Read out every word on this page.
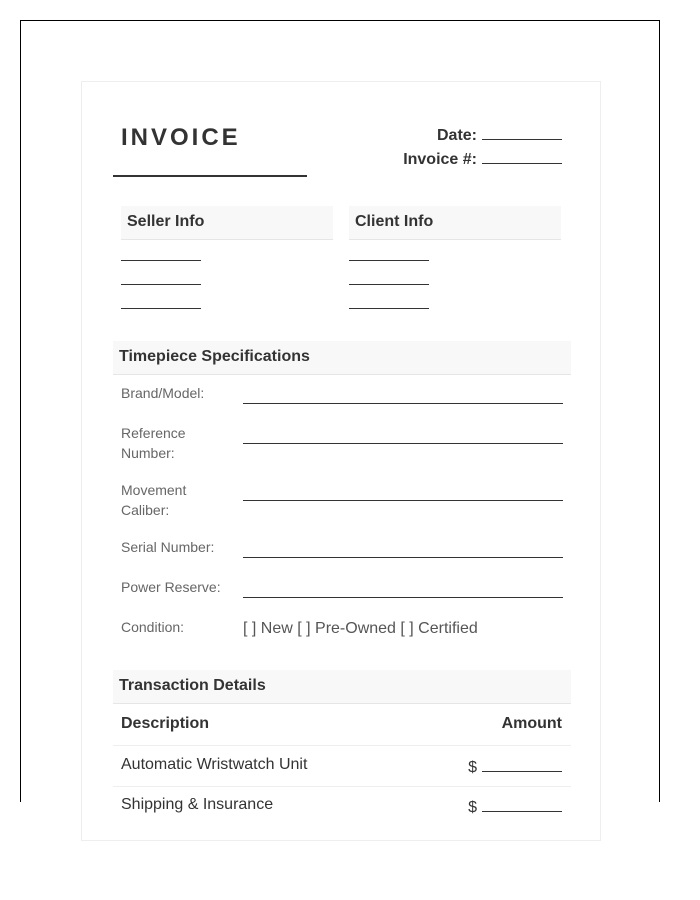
INVOICE	Date:
Invoice #:
Seller Info	Client Info
Timepiece Specifications
Brand/Model:
Reference Number:
Movement Caliber:
Serial Number:
Power Reserve:
Condition:	[ ] New [ ] Pre-Owned [ ] Certified
Transaction Details
Description	Amount
Automatic Wristwatch Unit	$
Shipping & Insurance	$
